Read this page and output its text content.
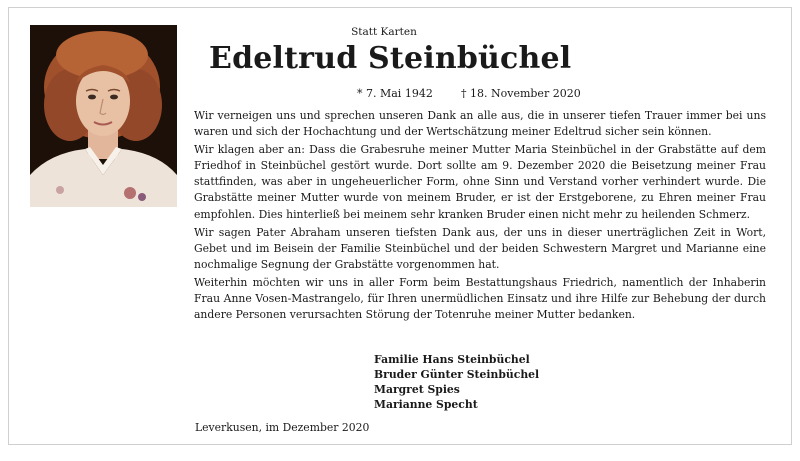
Statt Karten
Edeltrud Steinbüchel
* 7. Mai 1942	† 18. November 2020

Wir verneigen uns und sprechen unseren Dank an alle aus, die in unserer tiefen Trauer immer bei uns waren und sich der Hochachtung und der Wertschätzung meiner Edeltrud sicher sein können.

Wir klagen aber an: Dass die Grabesruhe meiner Mutter Maria Steinbüchel in der Grabstätte auf dem Friedhof in Steinbüchel gestört wurde. Dort sollte am 9. Dezember 2020 die Beisetzung meiner Frau stattfinden, was aber in ungeheuerlicher Form, ohne Sinn und Verstand vorher verhindert wurde. Die Grabstätte meiner Mutter wurde von meinem Bruder, er ist der Erstgeborene, zu Ehren meiner Frau empfohlen. Dies hinterließ bei meinem sehr kranken Bruder einen nicht mehr zu heilenden Schmerz.

Wir sagen Pater Abraham unseren tiefsten Dank aus, der uns in dieser unerträglichen Zeit in Wort, Gebet und im Beisein der Familie Steinbüchel und der beiden Schwestern Margret und Marianne eine nochmalige Segnung der Grabstätte vorgenommen hat.

Weiterhin möchten wir uns in aller Form beim Bestattungshaus Friedrich, namentlich der Inhaberin Frau Anne Vosen-Mastrangelo, für Ihren unermüdlichen Einsatz und ihre Hilfe zur Behebung der durch andere Personen verursachten Störung der Totenruhe meiner Mutter bedanken.

Familie Hans Steinbüchel
Bruder Günter Steinbüchel
Margret Spies
Marianne Specht
Leverkusen, im Dezember 2020
